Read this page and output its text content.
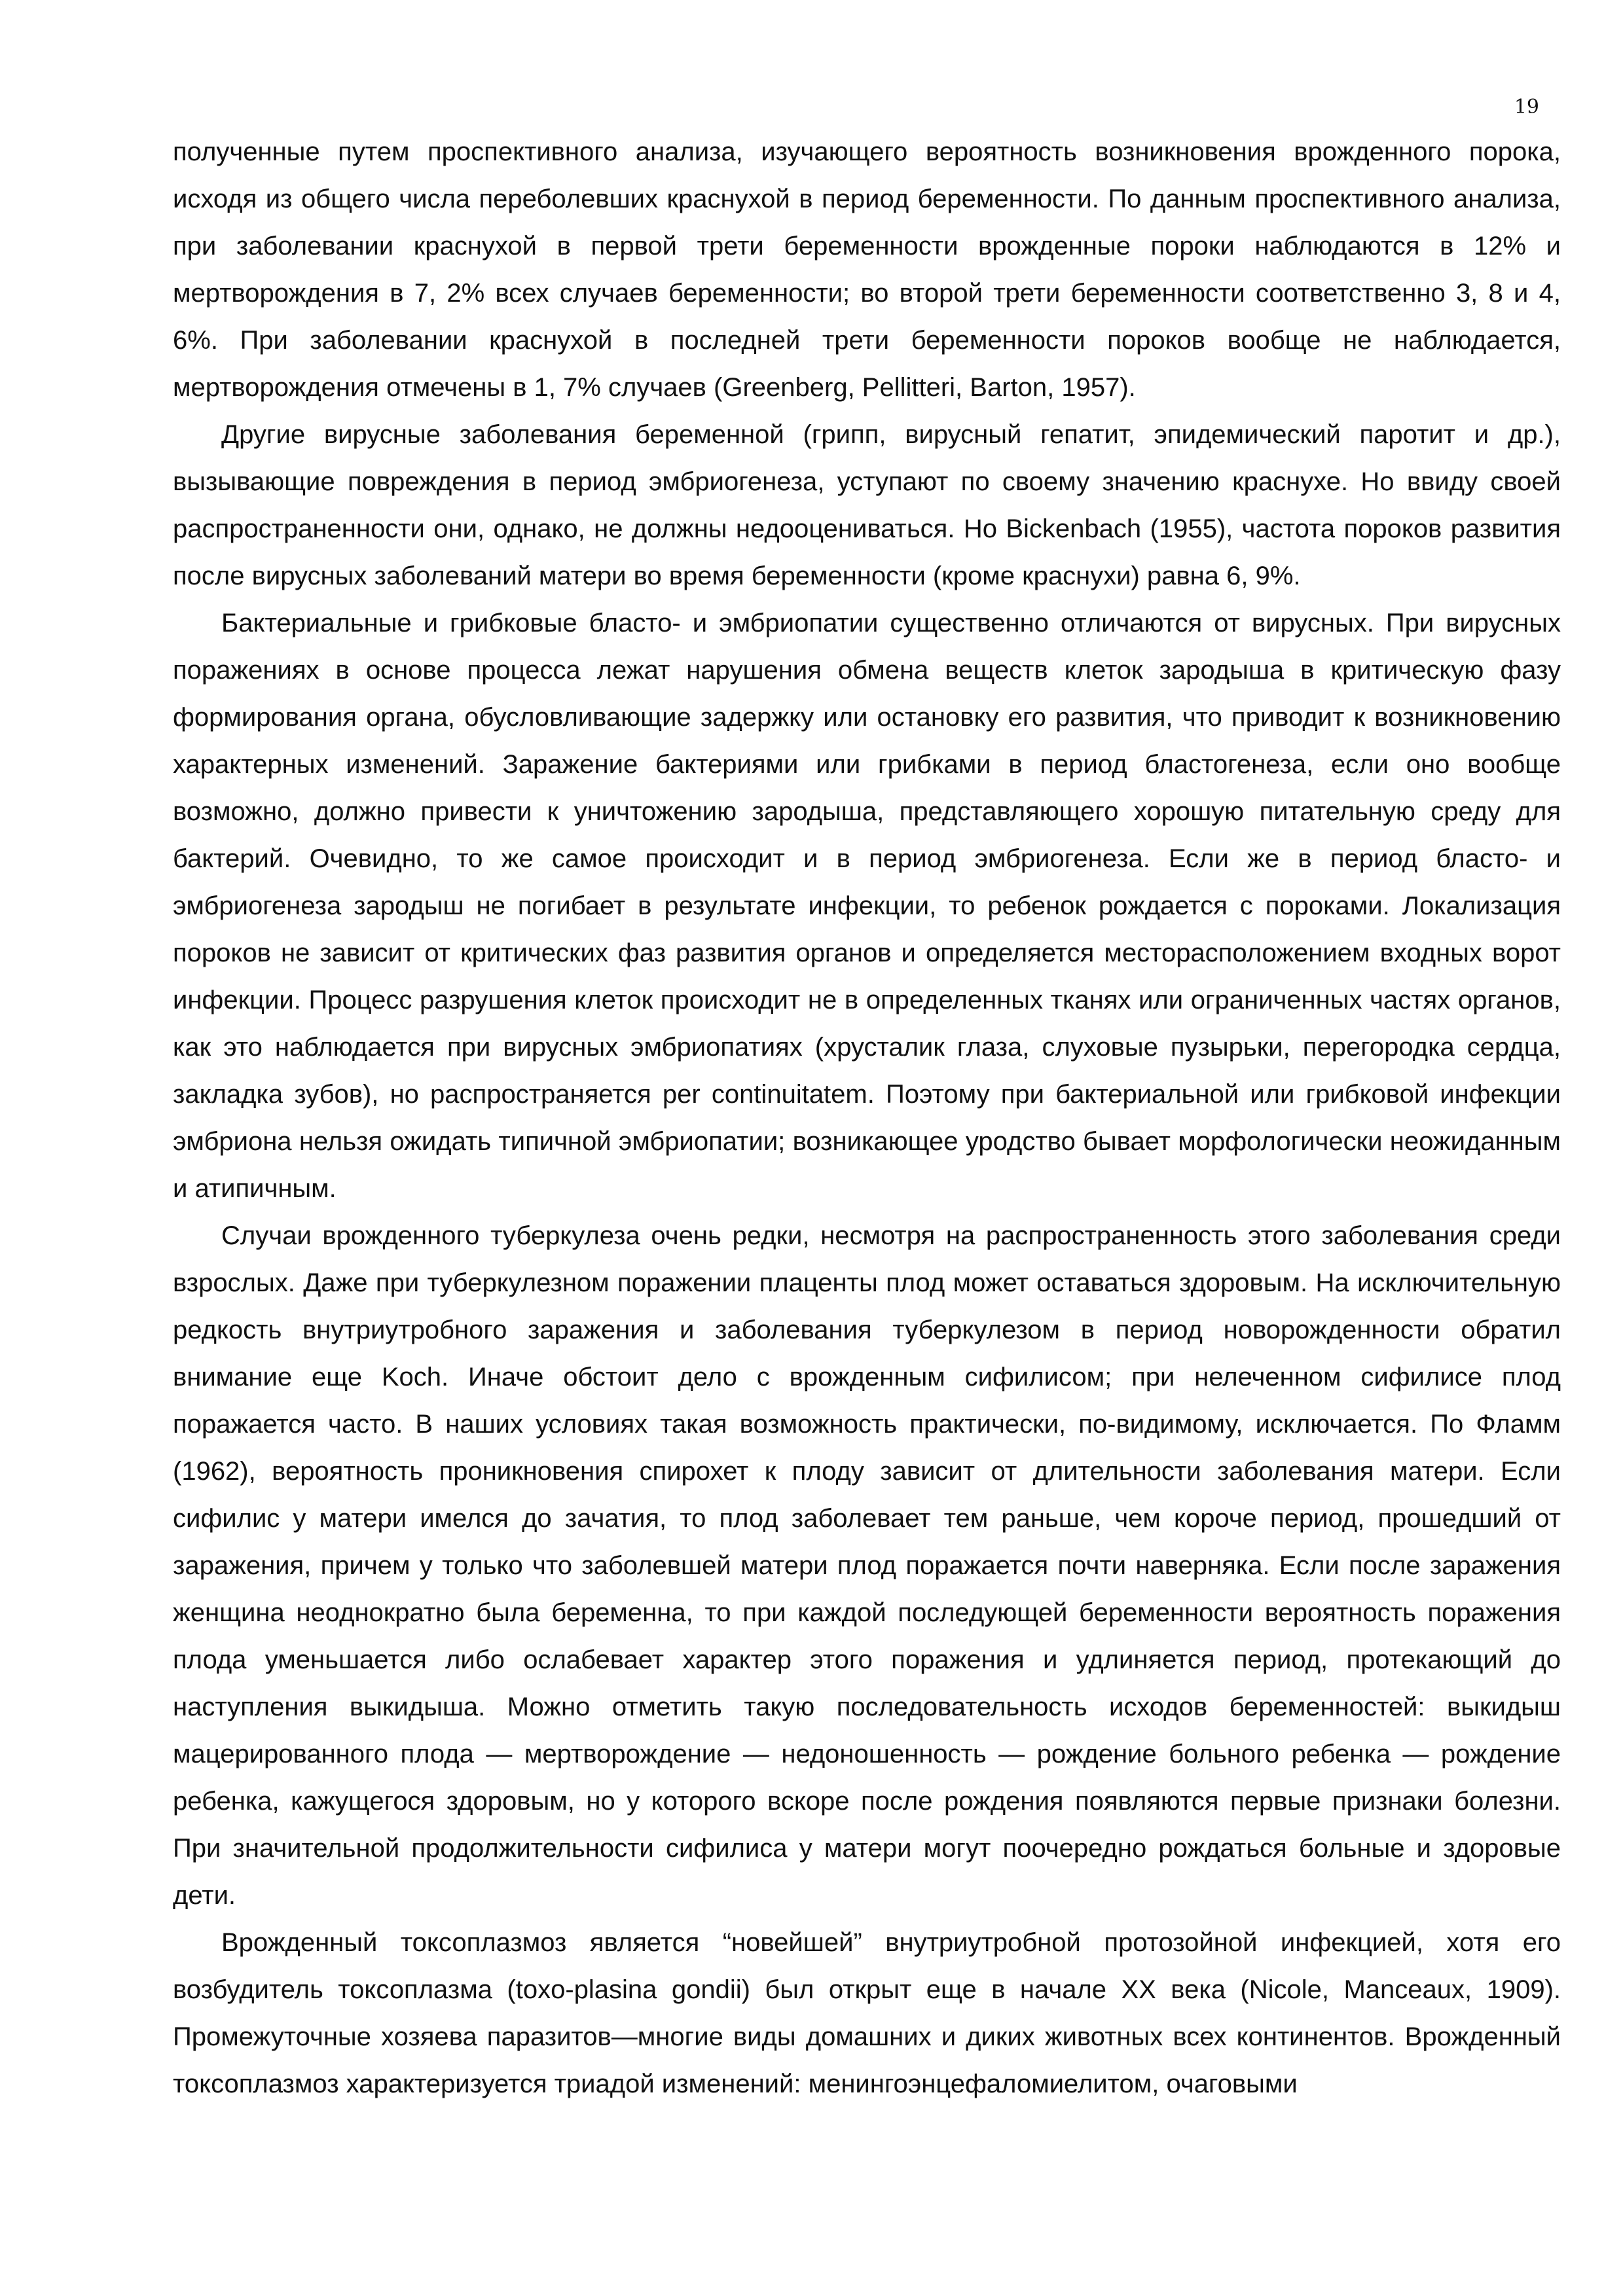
19

полученные путем проспективного анализа, изучающего вероятность возникновения врожденного порока, исходя из общего числа переболевших краснухой в период беременности. По данным проспективного анализа, при заболевании краснухой в первой трети беременности врожденные пороки наблюдаются в 12% и мертворождения в 7, 2% всех случаев беременности; во второй трети беременности соответственно 3, 8 и 4, 6%. При заболевании краснухой в последней трети беременности пороков вообще не наблюдается, мертворождения отмечены в 1, 7% случаев (Greenberg, Pellitteri, Barton, 1957).

Другие вирусные заболевания беременной (грипп, вирусный гепатит, эпидемический паротит и др.), вызывающие повреждения в период эмбриогенеза, уступают по своему значению краснухе. Но ввиду своей распространенности они, однако, не должны недооцениваться. Но Bickenbach (1955), частота пороков развития после вирусных заболеваний матери во время беременности (кроме краснухи) равна 6, 9%.

Бактериальные и грибковые бласто- и эмбриопатии существенно отличаются от вирусных. При вирусных поражениях в основе процесса лежат нарушения обмена веществ клеток зародыша в критическую фазу формирования органа, обусловливающие задержку или остановку его развития, что приводит к возникновению характерных изменений. Заражение бактериями или грибками в период бластогенеза, если оно вообще возможно, должно привести к уничтожению зародыша, представляющего хорошую питательную среду для бактерий. Очевидно, то же самое происходит и в период эмбриогенеза. Если же в период бласто- и эмбриогенеза зародыш не погибает в результате инфекции, то ребенок рождается с пороками. Локализация пороков не зависит от критических фаз развития органов и определяется месторасположением входных ворот инфекции. Процесс разрушения клеток происходит не в определенных тканях или ограниченных частях органов, как это наблюдается при вирусных эмбриопатиях (хрусталик глаза, слуховые пузырьки, перегородка сердца, закладка зубов), но распространяется per continuitatem. Поэтому при бактериальной или грибковой инфекции эмбриона нельзя ожидать типичной эмбриопатии; возникающее уродство бывает морфологически неожиданным и атипичным.

Случаи врожденного туберкулеза очень редки, несмотря на распространенность этого заболевания среди взрослых. Даже при туберкулезном поражении плаценты плод может оставаться здоровым. На исключительную редкость внутриутробного заражения и заболевания туберкулезом в период новорожденности обратил внимание еще Koch. Иначе обстоит дело с врожденным сифилисом; при нелеченном сифилисе плод поражается часто. В наших условиях такая возможность практически, по-видимому, исключается. По Фламм (1962), вероятность проникновения спирохет к плоду зависит от длительности заболевания матери. Если сифилис у матери имелся до зачатия, то плод заболевает тем раньше, чем короче период, прошедший от заражения, причем у только что заболевшей матери плод поражается почти наверняка. Если после заражения женщина неоднократно была беременна, то при каждой последующей беременности вероятность поражения плода уменьшается либо ослабевает характер этого поражения и удлиняется период, протекающий до наступления выкидыша. Можно отметить такую последовательность исходов беременностей: выкидыш мацерированного плода — мертворождение — недоношенность — рождение больного ребенка — рождение ребенка, кажущегося здоровым, но у которого вскоре после рождения появляются первые признаки болезни. При значительной продолжительности сифилиса у матери могут поочередно рождаться больные и здоровые дети.

Врожденный токсоплазмоз является “новейшей” внутриутробной протозойной инфекцией, хотя его возбудитель токсоплазма (toxo-plasina gondii) был открыт еще в начале XX века (Nicole, Manceaux, 1909). Промежуточные хозяева паразитов—многие виды домашних и диких животных всех континентов. Врожденный токсоплазмоз характеризуется триадой изменений: менингоэнцефаломиелитом, очаговыми
